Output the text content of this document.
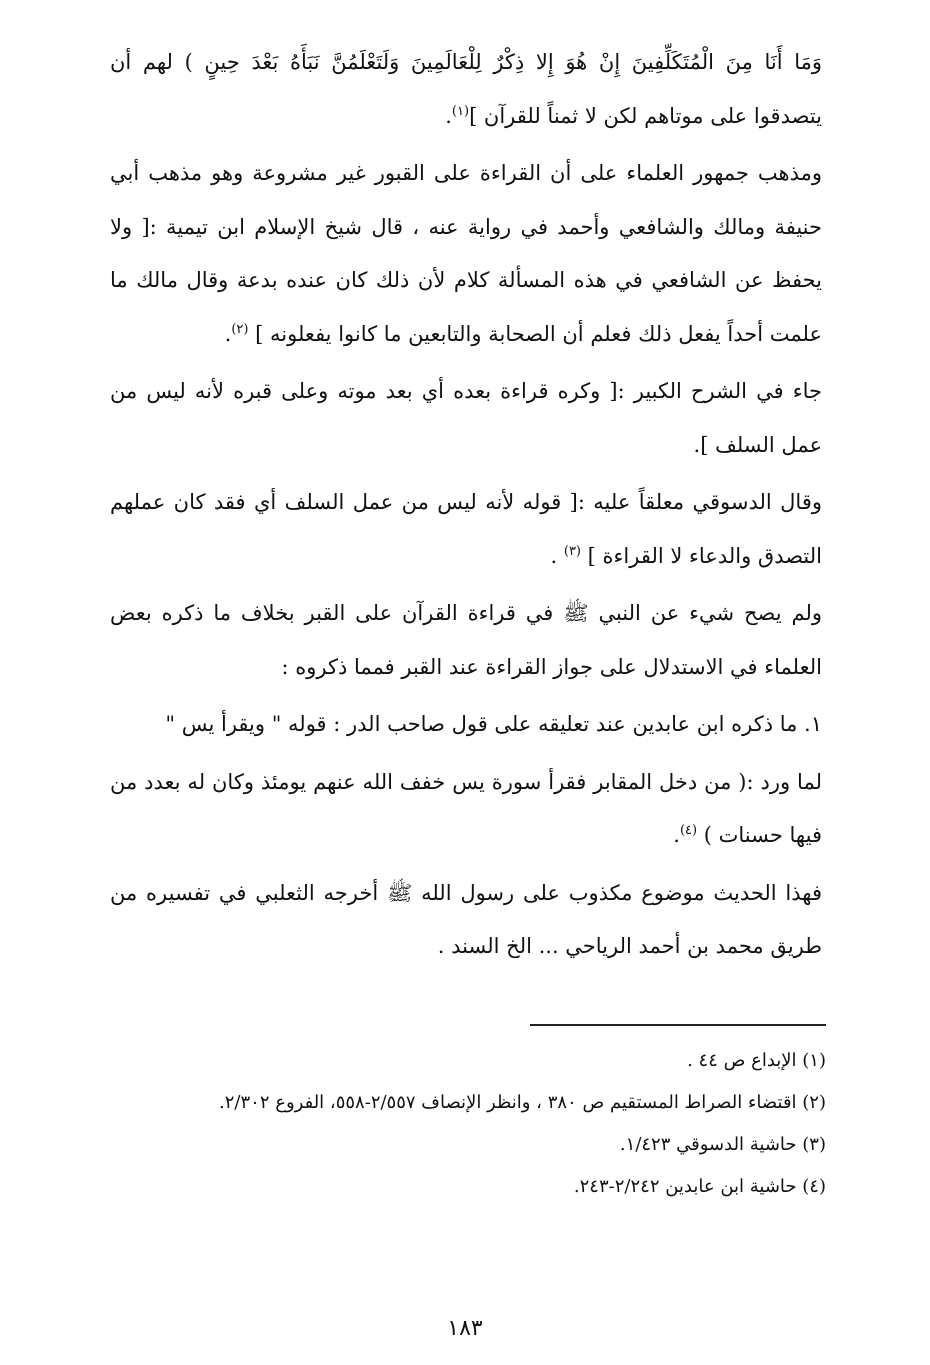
وَمَا أَنَا مِنَ الْمُتَكَلِّفِينَ إِنْ هُوَ إِلا ذِكْرٌ لِلْعَالَمِينَ وَلَتَعْلَمُنَّ نَبَأَهُ بَعْدَ حِينٍ ) لهم أن يتصدقوا على موتاهم لكن لا ثمناً للقرآن ]$^{(١)}$.

ومذهب جمهور العلماء على أن القراءة على القبور غير مشروعة وهو مذهب أبي حنيفة ومالك والشافعي وأحمد في رواية عنه ، قال شيخ الإسلام ابن تيمية :[ ولا يحفظ عن الشافعي في هذه المسألة كلام لأن ذلك كان عنده بدعة وقال مالك ما علمت أحداً يفعل ذلك فعلم أن الصحابة والتابعين ما كانوا يفعلونه ] $^{(٢)}$.

جاء في الشرح الكبير :[ وكره قراءة بعده أي بعد موته وعلى قبره لأنه ليس من عمل السلف ].

وقال الدسوقي معلقاً عليه :[ قوله لأنه ليس من عمل السلف أي فقد كان عملهم التصدق والدعاء لا القراءة ] $^{(٣)}$ .

ولم يصح شيء عن النبي ﷺ في قراءة القرآن على القبر بخلاف ما ذكره بعض العلماء في الاستدلال على جواز القراءة عند القبر فمما ذكروه :

١. ما ذكره ابن عابدين عند تعليقه على قول صاحب الدر : قوله " ويقرأ يس "

لما ورد :( من دخل المقابر فقرأ سورة يس خفف الله عنهم يومئذ وكان له بعدد من فيها حسنات ) $^{(٤)}$.

فهذا الحديث موضوع مكذوب على رسول الله ﷺ أخرجه الثعلبي في تفسيره من طريق محمد بن أحمد الرياحي ... الخ السند .

(١) الإبداع ص ٤٤ .

(٢) اقتضاء الصراط المستقيم ص ٣٨٠ ، وانظر الإنصاف ٢/٥٥٧-٥٥٨، الفروع ٢/٣٠٢.

(٣) حاشية الدسوقي ١/٤٢٣.

(٤) حاشية ابن عابدين ٢/٢٤٢-٢٤٣.

١٨٣
